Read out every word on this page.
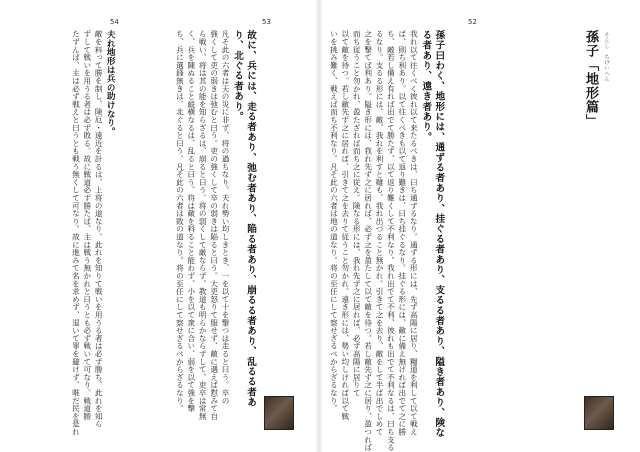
54	53
夫れ地形は兵の助けなり。
敵を料って勝を制し、険厄・遠近を計るは、上将の道なり。此れを知りて戦いを用うる者は必ず勝ち、此れを知ら
ずして戦いを用うる者は必ず敗る。故に戦道必ず勝たば、主は戦う無かれと曰うとも必ず戦いて可なり。戦道勝
たずんば、主は必ず戦えと曰うとも戦う無くして可なり。故に進みて名を求めず、退いて罪を避けず、唯だ民を是れ	故に、兵には、走る者あり、弛む者あり、陥る者あり、崩るる者あり、乱るる者あ
り、北ぐる者あり。
凡そ此の六者は天の災に非ず、将の過ちなり。夫れ勢い均しきとき、一を以て十を撃つは走ると曰う。卒の
強くして吏の弱きは弛むと曰う。吏の強くして卒の弱きは陥ると曰う。大吏怒りて服せず、敵に遇えば懟みて自
ら戦い、将は其の能を知らざるは、崩ると曰う。将の弱くして厳ならず、教道も明らかならずして、吏卒は常無
く、兵を陳ぬること縦横なるは、乱ると曰う。将は敵を料ること能わず、小を以て衆に合い、弱を以て強を撃
ち、兵に選鋒無きは、北ぐると曰う。凡そ此の六者は敗の道なり。将の至任にして察せざるべからざるなり。
52
孫子「地形篇」 そんし　ちけいへん
孫子曰わく、地形には、通ずる者あり、挂ぐる者あり、支るる者あり、隘き者あり、険な
る者あり、遠き者あり。
我れ以て往くべく彼れ以て来たるべきは、曰ち通ずるなり。通ずる形には、先ず高陽に居り、糧道を利して以て戦え
ば、則ち利あり。以て往くべきも以て返り難きは、曰ち挂ぐるなり。挂ぐる形には、敵に備え無ければ出でて之に勝
ち、敵若し備え有れば出でて勝たず、以て返り難くして不利なり。我れ出でて不利、彼れも出でて不利なるは、曰ち支る
るなり。支るる形には、敵、我れを利すと雖も、我れ出づること無かれ。引きて之を去り、敵をして半ば出でしめて
之を撃てば利あり。隘き形には、我れ先ず之に居れば、必ず之を盈たして以て敵を待つ。若し敵先ず之に居り、盈つれば
而ち従うこと勿かれ、盈たざれば而ち之に従え。険なる形には、我れ先ず之に居れば、必ず高陽に居りて
以て敵を待つ。若し敵先ず之に居れば、引きて之を去りて従うこと勿かれ。遠き形には、勢い均しければ以て戦
いを挑み難く、戦えば而ち不利なり。凡そ此の六者は地の道なり。将の至任にして察せざるべからざるなり。
